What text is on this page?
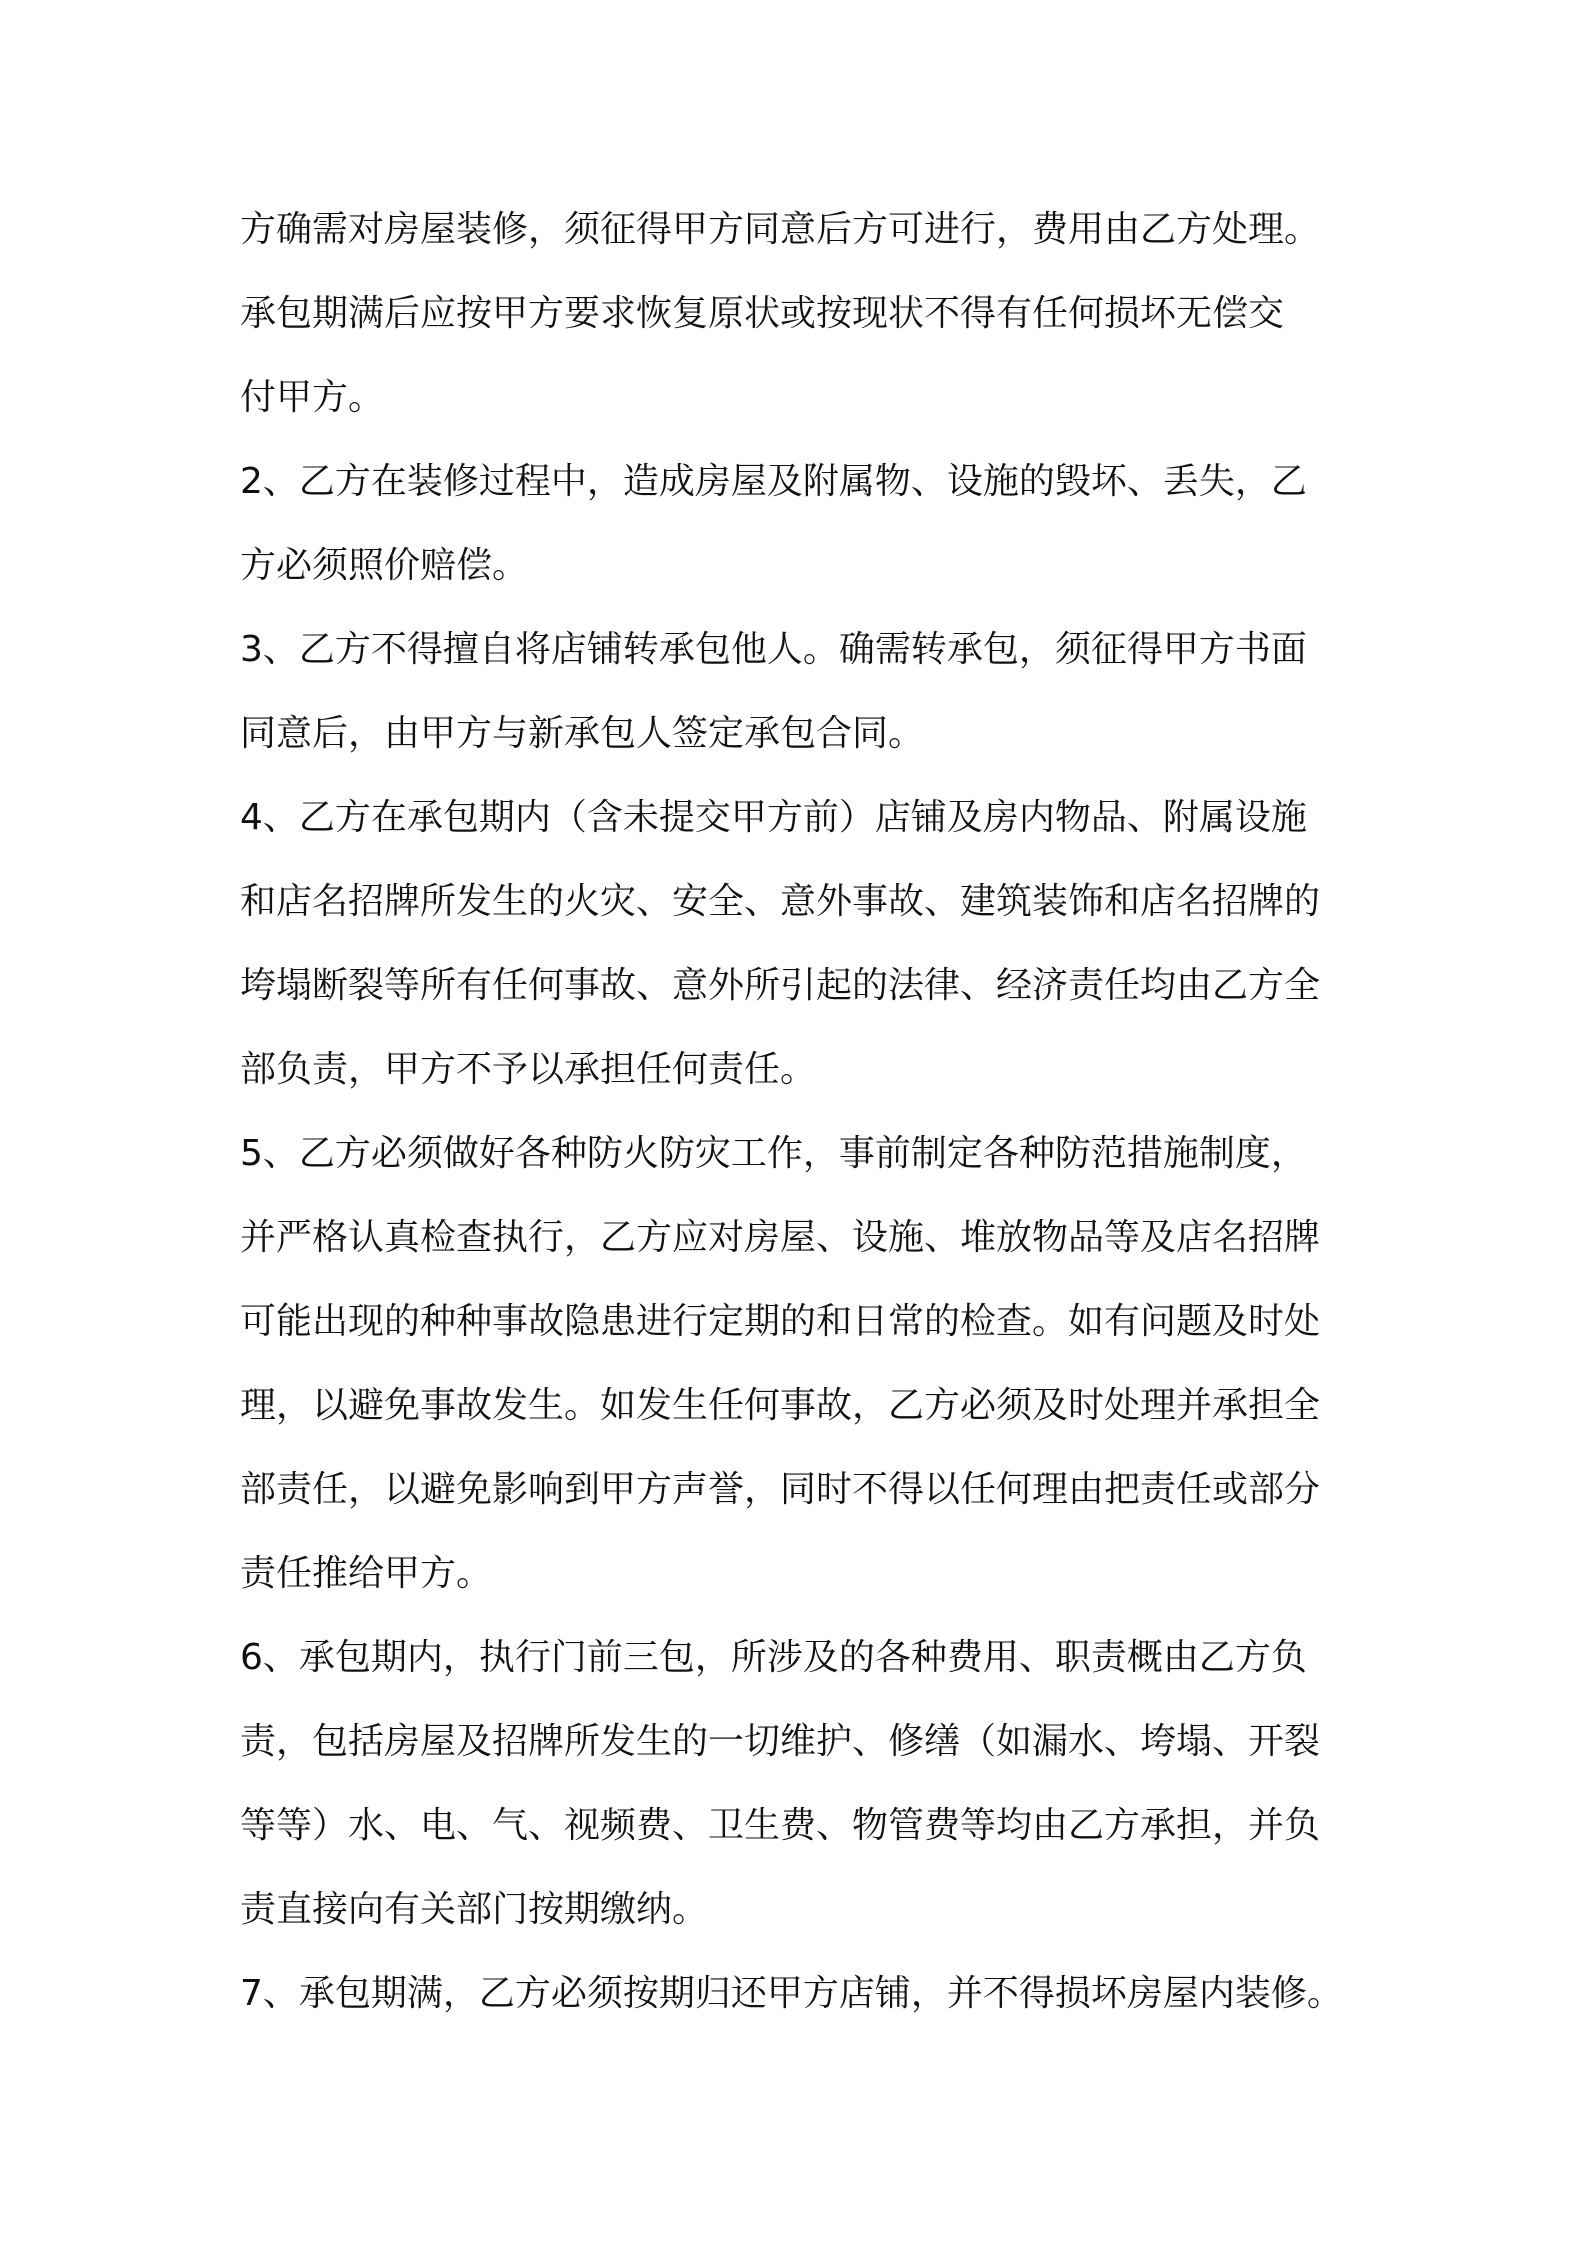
方确需对房屋装修，须征得甲方同意后方可进行，费用由乙方处理。
承包期满后应按甲方要求恢复原状或按现状不得有任何损坏无偿交
付甲方。
2、乙方在装修过程中，造成房屋及附属物、设施的毁坏、丢失，乙
方必须照价赔偿。
3、乙方不得擅自将店铺转承包他人。确需转承包，须征得甲方书面
同意后，由甲方与新承包人签定承包合同。
4、乙方在承包期内（含未提交甲方前）店铺及房内物品、附属设施
和店名招牌所发生的火灾、安全、意外事故、建筑装饰和店名招牌的
垮塌断裂等所有任何事故、意外所引起的法律、经济责任均由乙方全
部负责，甲方不予以承担任何责任。
5、乙方必须做好各种防火防灾工作，事前制定各种防范措施制度，
并严格认真检查执行，乙方应对房屋、设施、堆放物品等及店名招牌
可能出现的种种事故隐患进行定期的和日常的检查。如有问题及时处
理，以避免事故发生。如发生任何事故，乙方必须及时处理并承担全
部责任，以避免影响到甲方声誉，同时不得以任何理由把责任或部分
责任推给甲方。
6、承包期内，执行门前三包，所涉及的各种费用、职责概由乙方负
责，包括房屋及招牌所发生的一切维护、修缮（如漏水、垮塌、开裂
等等）水、电、气、视频费、卫生费、物管费等均由乙方承担，并负
责直接向有关部门按期缴纳。
7、承包期满，乙方必须按期归还甲方店铺，并不得损坏房屋内装修。
